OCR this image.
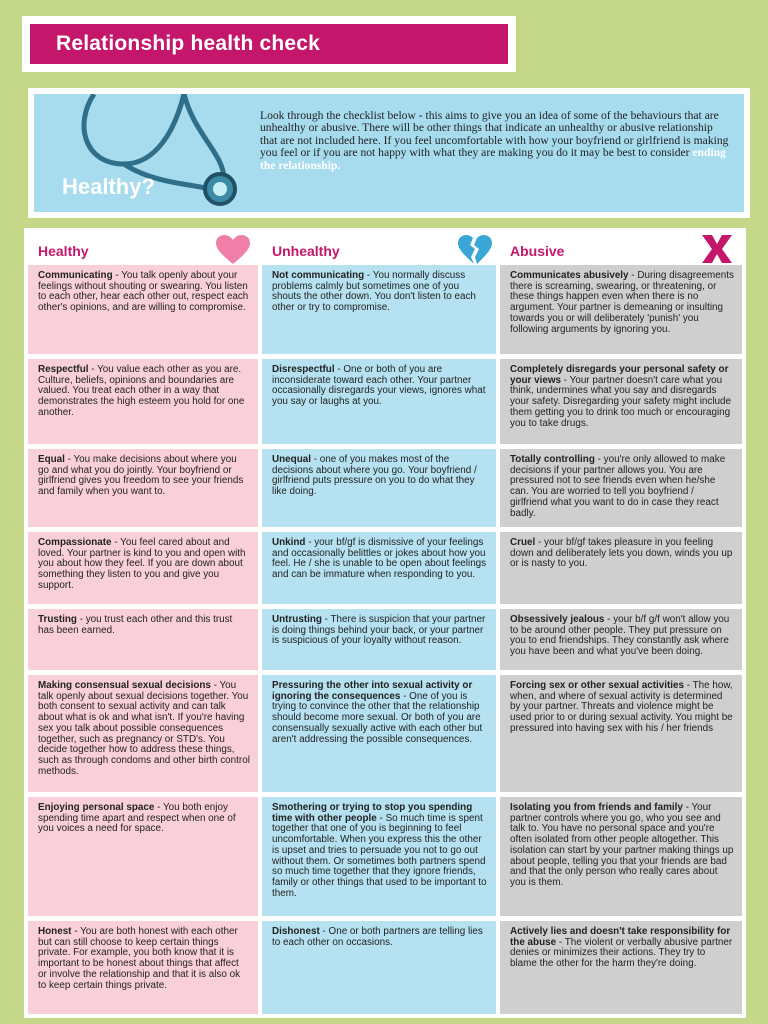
Relationship health check
Healthy?
Look through the checklist below - this aims to give you an idea of some of the behaviours that are unhealthy or abusive. There will be other things that indicate an unhealthy or abusive relationship that are not included here. If you feel uncomfortable with how your boyfriend or girlfriend is making you feel or if you are not happy with what they are making you do it may be best to consider ending the relationship.
Healthy	Unhealthy	Abusive
Communicating - You talk openly about your feelings without shouting or swearing. You listen to each other, hear each other out, respect each other's opinions, and are willing to compromise.
Not communicating - You normally discuss problems calmly but sometimes one of you shouts the other down. You don't listen to each other or try to compromise.
Communicates abusively - During disagreements there is screaming, swearing, or threatening, or these things happen even when there is no argument. Your partner is demeaning or insulting towards you or will deliberately 'punish' you following arguments by ignoring you.
Respectful - You value each other as you are. Culture, beliefs, opinions and boundaries are valued. You treat each other in a way that demonstrates the high esteem you hold for one another.
Disrespectful - One or both of you are inconsiderate toward each other. Your partner occasionally disregards your views, ignores what you say or laughs at you.
Completely disregards your personal safety or your views - Your partner doesn't care what you think, undermines what you say and disregards your safety. Disregarding your safety might include them getting you to drink too much or encouraging you to take drugs.
Equal - You make decisions about where you go and what you do jointly. Your boyfriend or girlfriend gives you freedom to see your friends and family when you want to.
Unequal - one of you makes most of the decisions about where you go. Your boyfriend / girlfriend puts pressure on you to do what they like doing.
Totally controlling - you're only allowed to make decisions if your partner allows you. You are pressured not to see friends even when he/she can. You are worried to tell you boyfriend / girlfriend what you want to do in case they react badly.
Compassionate - You feel cared about and loved. Your partner is kind to you and open with you about how they feel. If you are down about something they listen to you and give you support.
Unkind - your bf/gf is dismissive of your feelings and occasionally belittles or jokes about how you feel. He / she is unable to be open about feelings and can be immature when responding to you.
Cruel - your bf/gf takes pleasure in you feeling down and deliberately lets you down, winds you up or is nasty to you.
Trusting - you trust each other and this trust has been earned.
Untrusting - There is suspicion that your partner is doing things behind your back, or your partner is suspicious of your loyalty without reason.
Obsessively jealous - your b/f g/f won't allow you to be around other people. They put pressure on you to end friendships. They constantly ask where you have been and what you've been doing.
Making consensual sexual decisions - You talk openly about sexual decisions together. You both consent to sexual activity and can talk about what is ok and what isn't. If you're having sex you talk about possible consequences together, such as pregnancy or STD's. You decide together how to address these things, such as through condoms and other birth control methods.
Pressuring the other into sexual activity or ignoring the consequences - One of you is trying to convince the other that the relationship should become more sexual. Or both of you are consensually sexually active with each other but aren't addressing the possible consequences.
Forcing sex or other sexual activities - The how, when, and where of sexual activity is determined by your partner. Threats and violence might be used prior to or during sexual activity. You might be pressured into having sex with his / her friends
Enjoying personal space - You both enjoy spending time apart and respect when one of you voices a need for space.
Smothering or trying to stop you spending time with other people - So much time is spent together that one of you is beginning to feel uncomfortable. When you express this the other is upset and tries to persuade you not to go out without them. Or sometimes both partners spend so much time together that they ignore friends, family or other things that used to be important to them.
Isolating you from friends and family - Your partner controls where you go, who you see and talk to. You have no personal space and you're often isolated from other people altogether. This isolation can start by your partner making things up about people, telling you that your friends are bad and that the only person who really cares about you is them.
Honest - You are both honest with each other but can still choose to keep certain things private. For example, you both know that it is important to be honest about things that affect or involve the relationship and that it is also ok to keep certain things private.
Dishonest - One or both partners are telling lies to each other on occasions.
Actively lies and doesn't take responsibility for the abuse - The violent or verbally abusive partner denies or minimizes their actions. They try to blame the other for the harm they're doing.
